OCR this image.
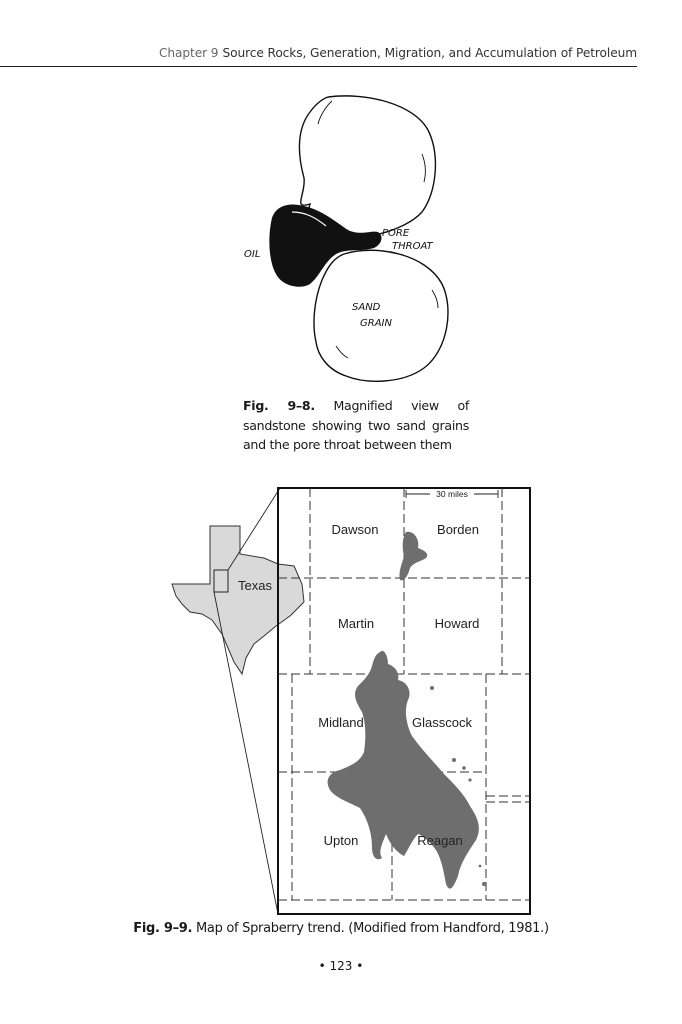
Chapter 9 Source Rocks, Generation, Migration, and Accumulation of Petroleum
OIL
PORE
THROAT
SAND
GRAIN
Fig. 9–8. Magnified view of sandstone showing two sand grains and the pore throat between them
Texas
30 miles
Dawson	Borden
Martin	Howard
Midland	Glasscock
Upton	Reagan
Fig. 9–9. Map of Spraberry trend. (Modified from Handford, 1981.)
• 123 •
